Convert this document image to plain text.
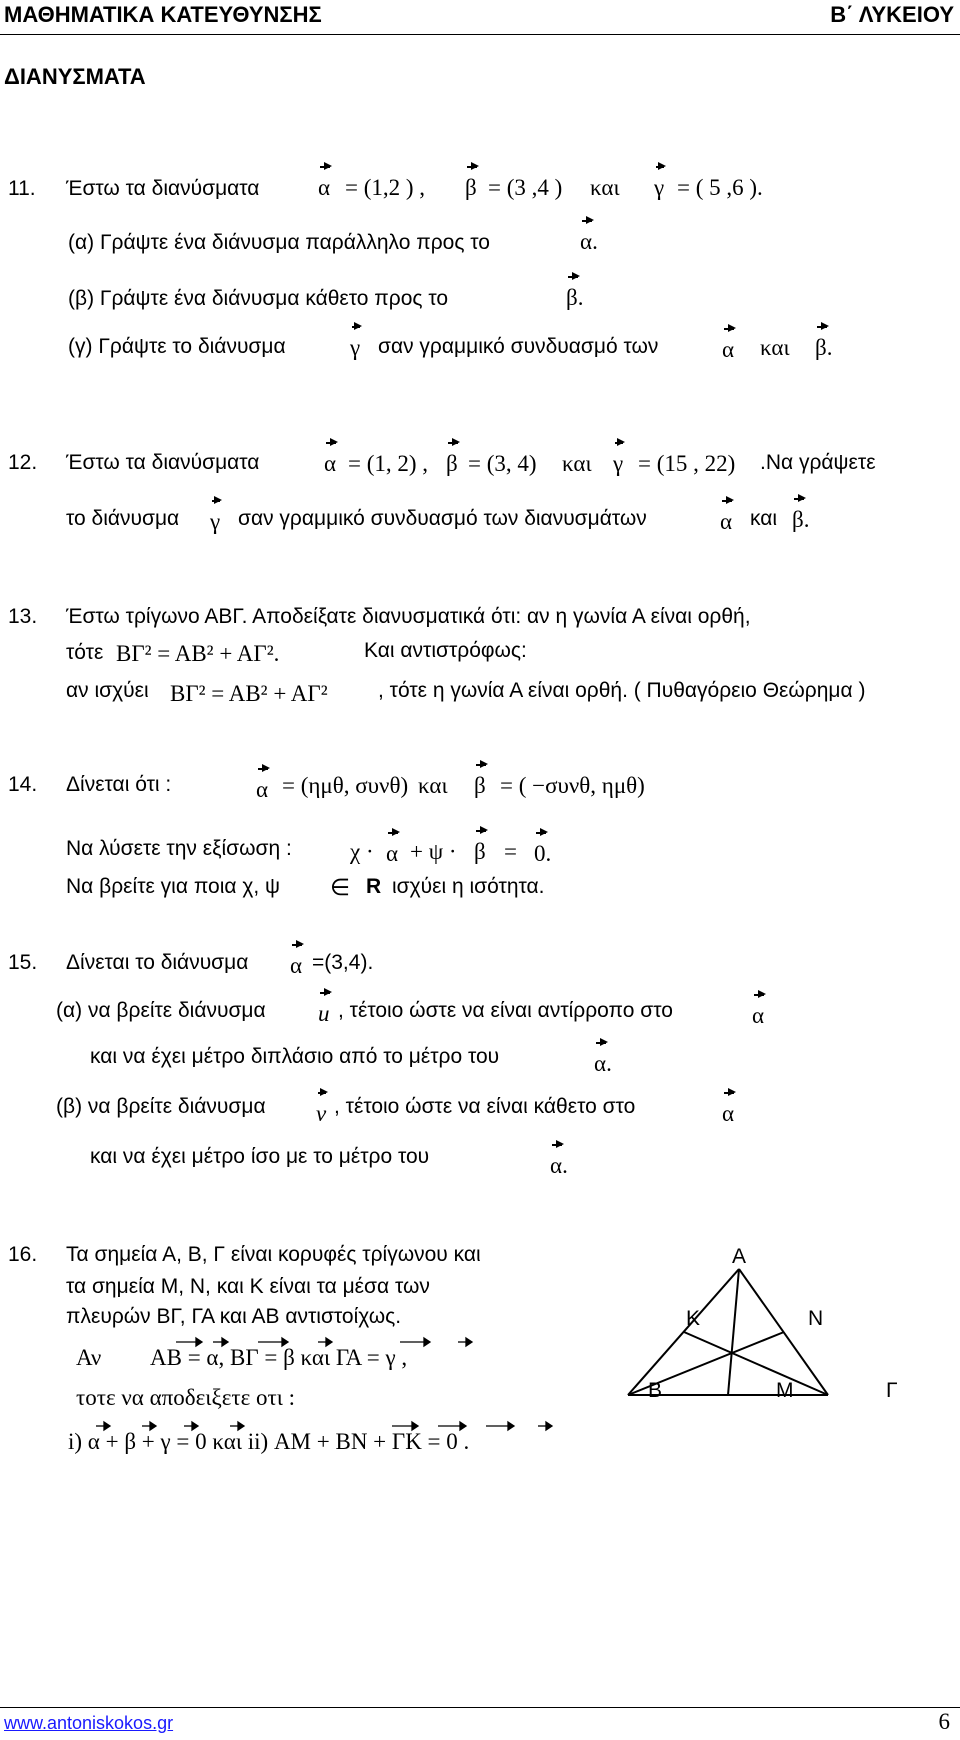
ΜΑΘΗΜΑΤΙΚΑ ΚΑΤΕΥΘΥΝΣΗΣ	Β΄ ΛΥΚΕΙΟΥ
ΔΙΑΝΥΣΜΑΤΑ
11. Έστω τα διανύσματα	α = (1,2 ) , β = (3 ,4 ) και γ = ( 5 ,6 ).
(α) Γράψτε ένα διάνυσμα παράλληλο προς το	α.
(β) Γράψτε ένα διάνυσμα κάθετο προς το	β.
(γ) Γράψτε το διάνυσμα	γ σαν γραμμικό συνδυασμό των	α και β.
12. Έστω τα διανύσματα	α = (1, 2) , β = (3, 4) και γ = (15 , 22) .Να γράψετε
το διάνυσμα γ σαν γραμμικό συνδυασμό των διανυσμάτων	α και β.
13. Έστω τρίγωνο ΑΒΓ. Αποδείξατε διανυσματικά ότι: αν η γωνία Α είναι ορθή,
τότε ΒΓ² = ΑΒ² + ΑΓ².	Και αντιστρόφως:
αν ισχύει ΒΓ² = ΑΒ² + ΑΓ² , τότε η γωνία Α είναι ορθή. ( Πυθαγόρειο Θεώρημα )
14. Δίνεται ότι :	α = (ημθ, συνθ) και β = ( −συνθ, ημθ)
Να λύσετε την εξίσωση :	χ · α + ψ · β = 0.
Να βρείτε για ποια χ, ψ ∈ R ισχύει η ισότητα.
15. Δίνεται το διάνυσμα α =(3,4).
(α) να βρείτε διάνυσμα u , τέτοιο ώστε να είναι αντίρροπο στο	α
και να έχει μέτρο διπλάσιο από το μέτρο του	α.
(β) να βρείτε διάνυσμα v , τέτοιο ώστε να είναι κάθετο στο	α
και να έχει μέτρο ίσο με το μέτρο του	α.
16. Τα σημεία Α, Β, Γ είναι κορυφές τρίγωνου και
τα σημεία Μ, Ν, και Κ είναι τα μέσα των
πλευρών ΒΓ, ΓΑ και ΑΒ αντιστοίχως.
Αν ΑΒ = α, ΒΓ = β και ΓΑ = γ ,
τοτε να αποδειξετε οτι :
i) α + β + γ = 0 και ii) ΑΜ + ΒΝ + ΓΚ = 0 .
Α
Κ	Ν
Β	Μ	Γ
www.antoniskokos.gr	6
